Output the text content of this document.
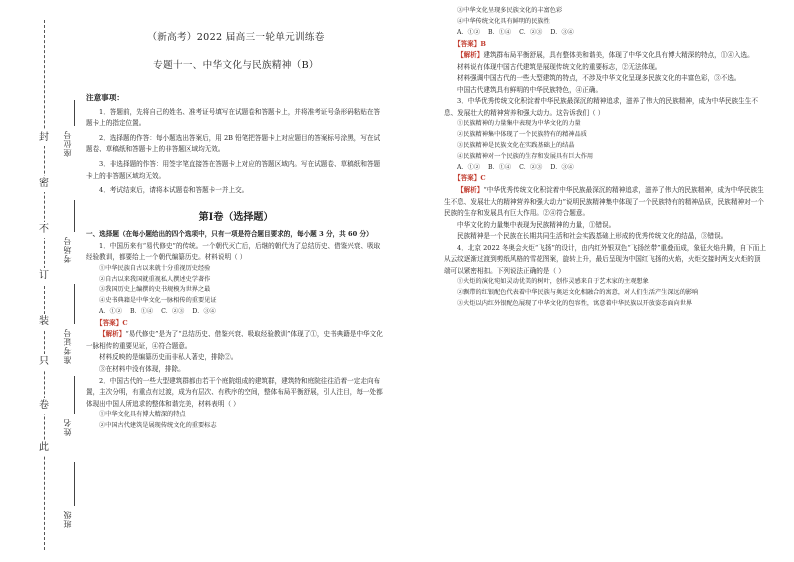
封
密
不
订
装
只
卷
此
座位号
考场号
准考证号
姓名
班级
（新高考）2022 届高三一轮单元训练卷
专题十一、中华文化与民族精神（B）
注意事项：

1．答题前，先将自己的姓名、准考证号填写在试题卷和答题卡上，并将准考证号条形码粘贴在答题卡上的指定位置。

2．选择题的作答：每小题选出答案后，用 2B 铅笔把答题卡上对应题目的答案标号涂黑，写在试题卷、草稿纸和答题卡上的非答题区域均无效。

3．非选择题的作答：用签字笔直接答在答题卡上对应的答题区域内。写在试题卷、草稿纸和答题卡上的非答题区域均无效。

4．考试结束后，请将本试题卷和答题卡一并上交。

第Ⅰ卷（选择题）

一、选择题（在每小题给出的四个选项中，只有一项是符合题目要求的，每小题 3 分，共 60 分）

1．中国历来有“易代修史”的传统。一个朝代灭亡后，后继的朝代为了总结历史、借鉴兴衰、吸取经验教训，都要给上一个朝代编纂历史。材料说明（ ）

①中华民族自古以来就十分重视历史经验
②自古以来我国就重视私人撰述史学著作
③我国历史上编撰的史书规模为世界之最
④史书典籍是中华文化一脉相传的重要见证
A．①② B．①④ C．②③ D．③④
【答案】C

【解析】“易代修史”是为了“总结历史、借鉴兴衰、吸取经验教训”体现了①，史书典籍是中华文化一脉相传的重要见证，④符合题意。

材料反映的是编纂历史而非私人著史，排除②。

③在材料中没有体现，排除。

2．中国古代的一些大型建筑群都由若干个庭院组成的建筑群，建筑特和庭院往往沿着一定走向布置，主次分明，有重点有过渡，成为有层次、有秩序的空间，整体布局平衡舒展，引人注目，每一处都体现出中国人所追求的整体和谐完美，材料表明（ ）

①中华文化具有博大精深的特点
②中国古代建筑是展现传统文化的重要标志
③中华文化呈现多民族文化的丰富色彩
④中华传统文化具有鲜明的民族性
A．①② B．①④ C．②③ D．③④
【答案】B

【解析】建筑群布局平衡舒展，具有整体美和谐美，体现了中华文化具有博大精深的特点，①④入选。

材料说有体现中国古代建筑是展现传统文化的重要标志，②无法体现。

材料强调中国古代的一些大型建筑的特点，不涉及中华文化呈现多民族文化的丰富色彩，③不选。

中国古代建筑具有鲜明的中华民族特色，④正确。

3．中华优秀传统文化积淀着中华民族最深沉的精神追求，滋养了伟大的民族精神，成为中华民族生生不息、发展壮大的精神营养和强大动力。这告诉我们（ ）

①民族精神的力量集中表现为中华文化的力量
②民族精神集中体现了一个民族特有的精神品质
③民族精神是民族文化在实践基础上的结晶
④民族精神对一个民族的生存和发展具有巨大作用
A．①② B．①④ C．②③ D．③④
【答案】C

【解析】“中华优秀传统文化积淀着中华民族最深沉的精神追求，滋养了伟大的民族精神，成为中华民族生生不息、发展壮大的精神营养和强大动力”说明民族精神集中体现了一个民族特有的精神品质，民族精神对一个民族的生存和发展具有巨大作用。②④符合题意。

中华文化的力量集中表现为民族精神的力量，①错误。

民族精神是一个民族在长期共同生活和社会实践基础上形成的优秀传统文化的结晶，③错误。

4．北京 2022 冬奥会火炬“飞扬”的设计，由内红外银双色“飞扬丝带”重叠而成，象征火焰升腾，自下而上从云纹逐渐过渡到剪纸风格的雪花图案，旋转上升，最后呈现为中国红飞扬的火焰，火炬交接时两支火炬的顶端可以紧密相扣。下列说法正确的是（ ）

①火炬的演化宛如灵动优美的树叶，创作灵感来自于艺术家的主观想象
②飘带的红银配色代表着中华民族与奥运文化相融合的寓意，对人们生活产生深远的影响
③火炬以内红外银配色展现了中华文化的包容性，寓意着中华民族以开放姿态面向世界
